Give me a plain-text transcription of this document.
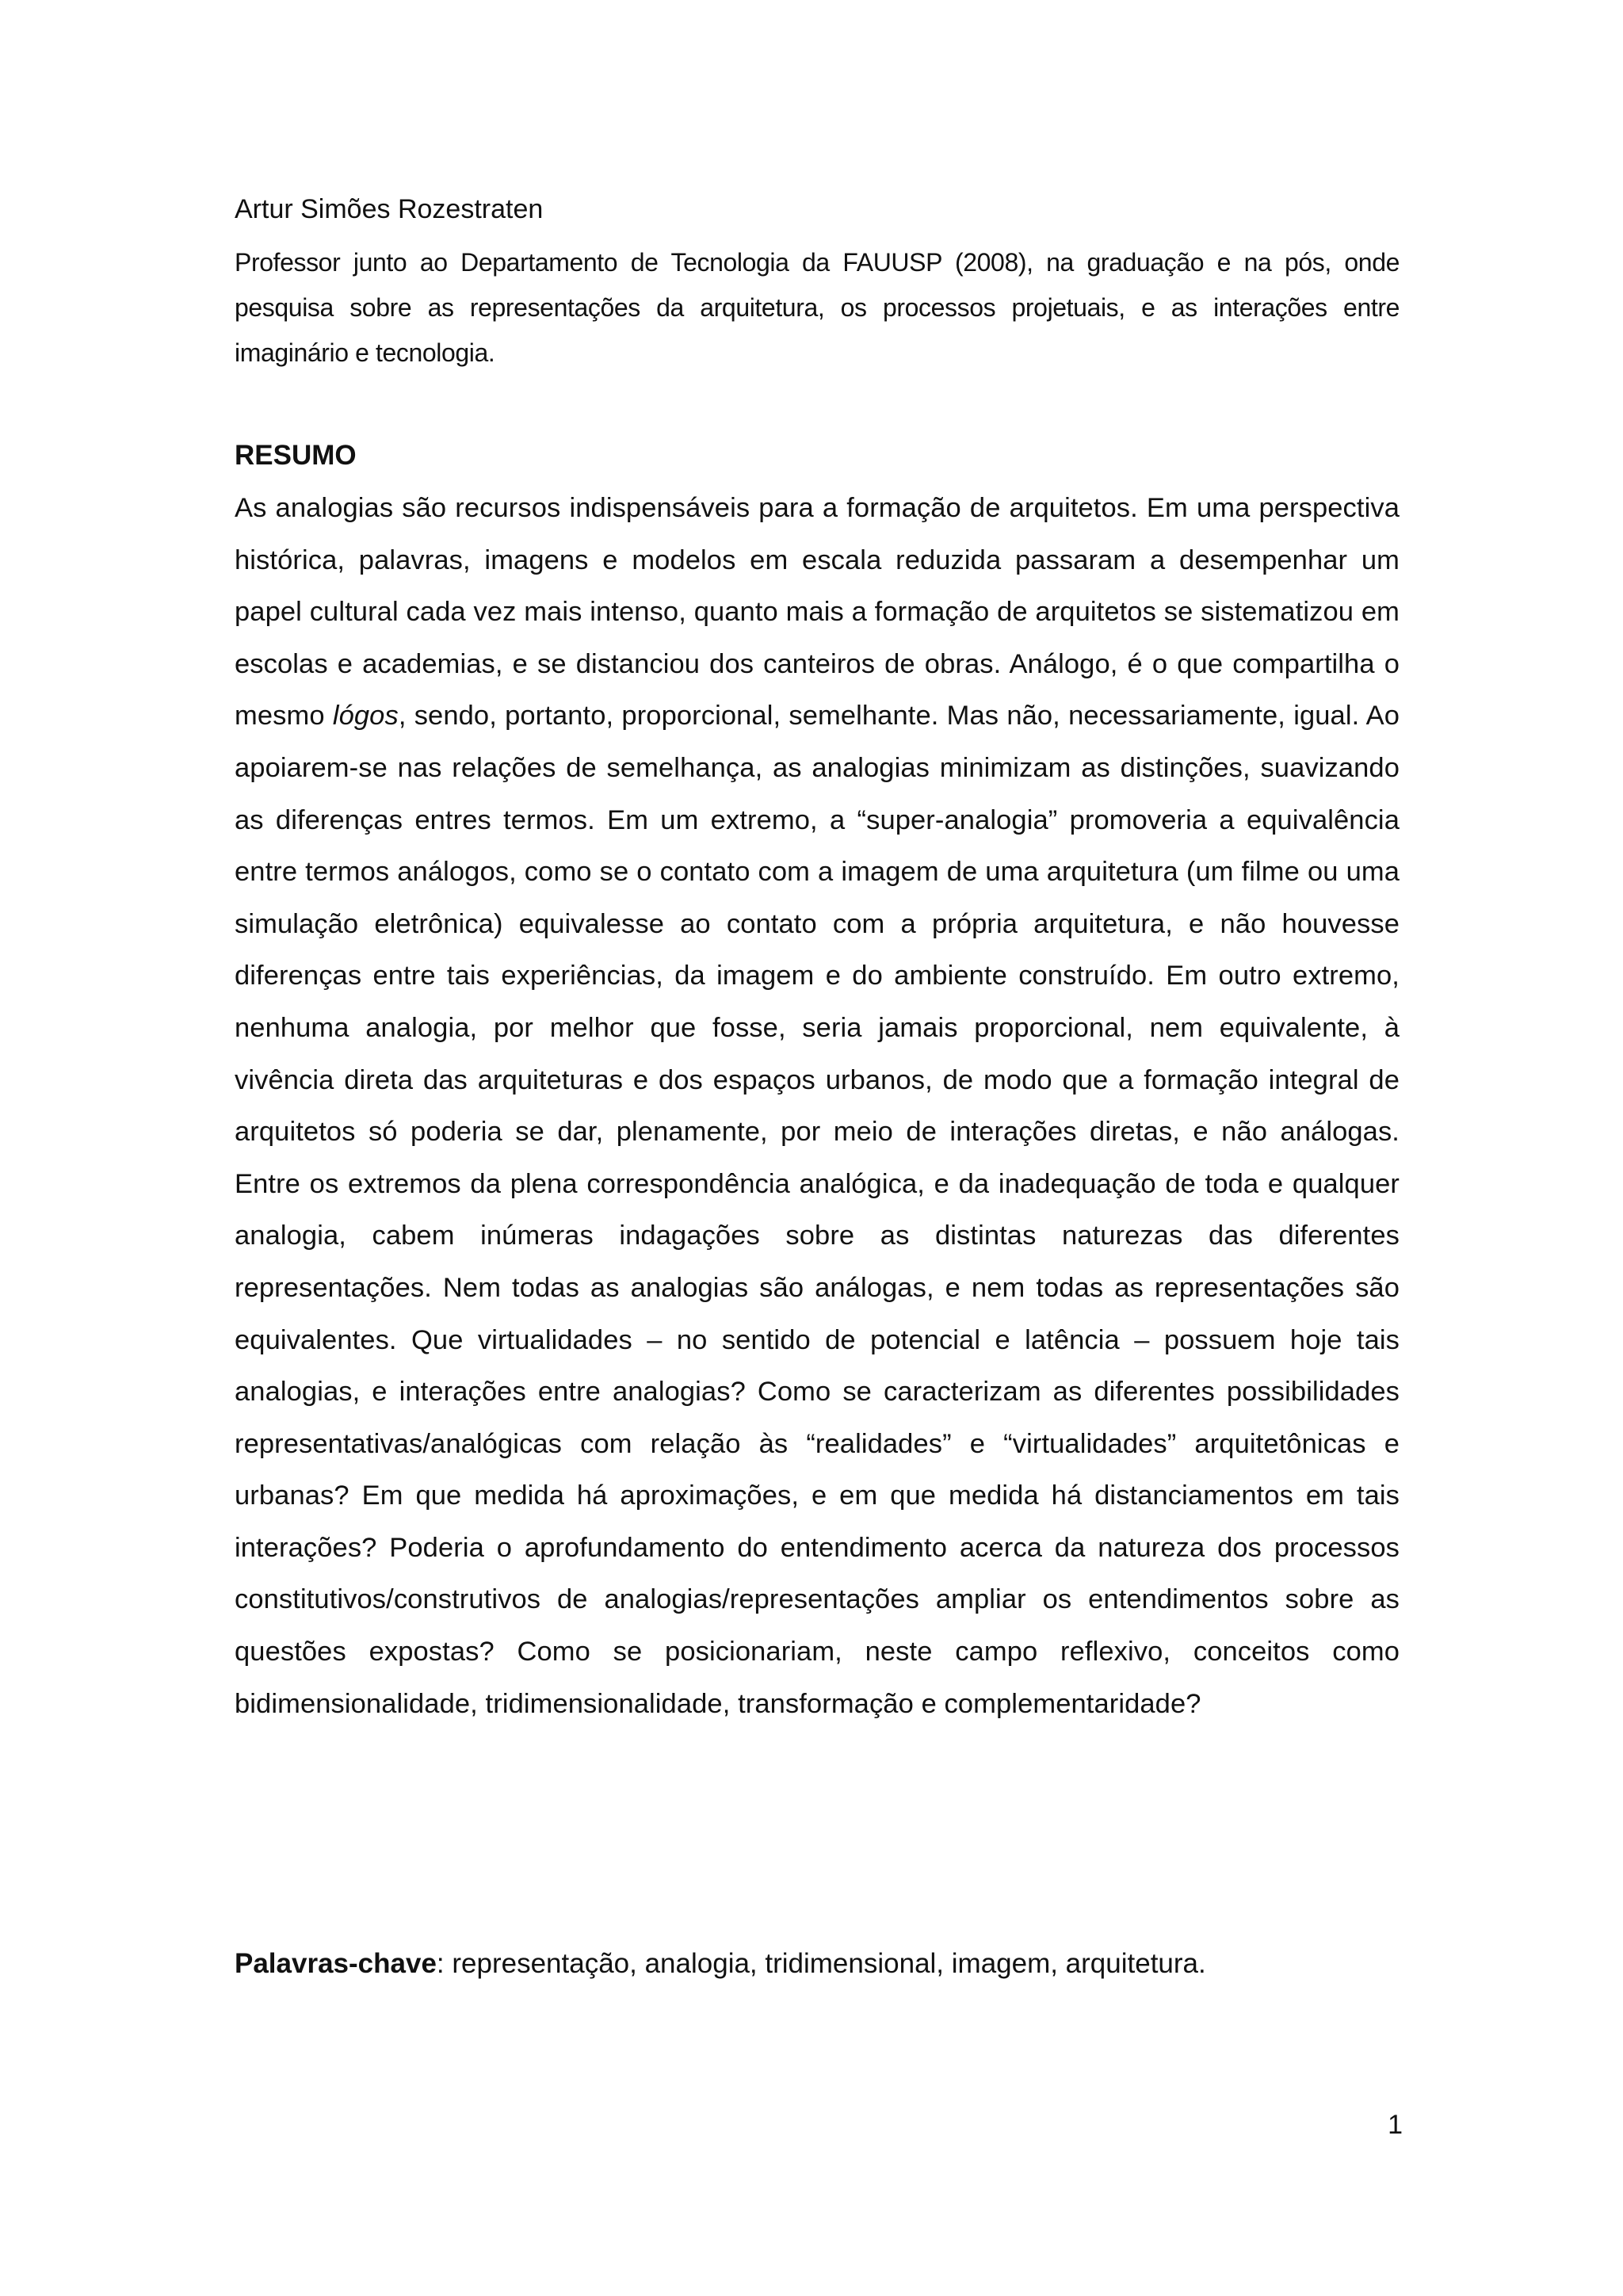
Artur Simões Rozestraten
Professor junto ao Departamento de Tecnologia da FAUUSP (2008), na graduação e na pós, onde pesquisa sobre as representações da arquitetura, os processos projetuais, e as interações entre imaginário e tecnologia.
RESUMO
As analogias são recursos indispensáveis para a formação de arquitetos. Em uma perspectiva histórica, palavras, imagens e modelos em escala reduzida passaram a desempenhar um papel cultural cada vez mais intenso, quanto mais a formação de arquitetos se sistematizou em escolas e academias, e se distanciou dos canteiros de obras. Análogo, é o que compartilha o mesmo lógos, sendo, portanto, proporcional, semelhante. Mas não, necessariamente, igual. Ao apoiarem-se nas relações de semelhança, as analogias minimizam as distinções, suavizando as diferenças entres termos. Em um extremo, a “super-analogia” promoveria a equivalência entre termos análogos, como se o contato com a imagem de uma arquitetura (um filme ou uma simulação eletrônica) equivalesse ao contato com a própria arquitetura, e não houvesse diferenças entre tais experiências, da imagem e do ambiente construído. Em outro extremo, nenhuma analogia, por melhor que fosse, seria jamais proporcional, nem equivalente, à vivência direta das arquiteturas e dos espaços urbanos, de modo que a formação integral de arquitetos só poderia se dar, plenamente, por meio de interações diretas, e não análogas. Entre os extremos da plena correspondência analógica, e da inadequação de toda e qualquer analogia, cabem inúmeras indagações sobre as distintas naturezas das diferentes representações. Nem todas as analogias são análogas, e nem todas as representações são equivalentes. Que virtualidades – no sentido de potencial e latência – possuem hoje tais analogias, e interações entre analogias? Como se caracterizam as diferentes possibilidades representativas/analógicas com relação às “realidades” e “virtualidades” arquitetônicas e urbanas? Em que medida há aproximações, e em que medida há distanciamentos em tais interações? Poderia o aprofundamento do entendimento acerca da natureza dos processos constitutivos/construtivos de analogias/representações ampliar os entendimentos sobre as questões expostas? Como se posicionariam, neste campo reflexivo, conceitos como bidimensionalidade, tridimensionalidade, transformação e complementaridade?
Palavras-chave: representação, analogia, tridimensional, imagem, arquitetura.
1
